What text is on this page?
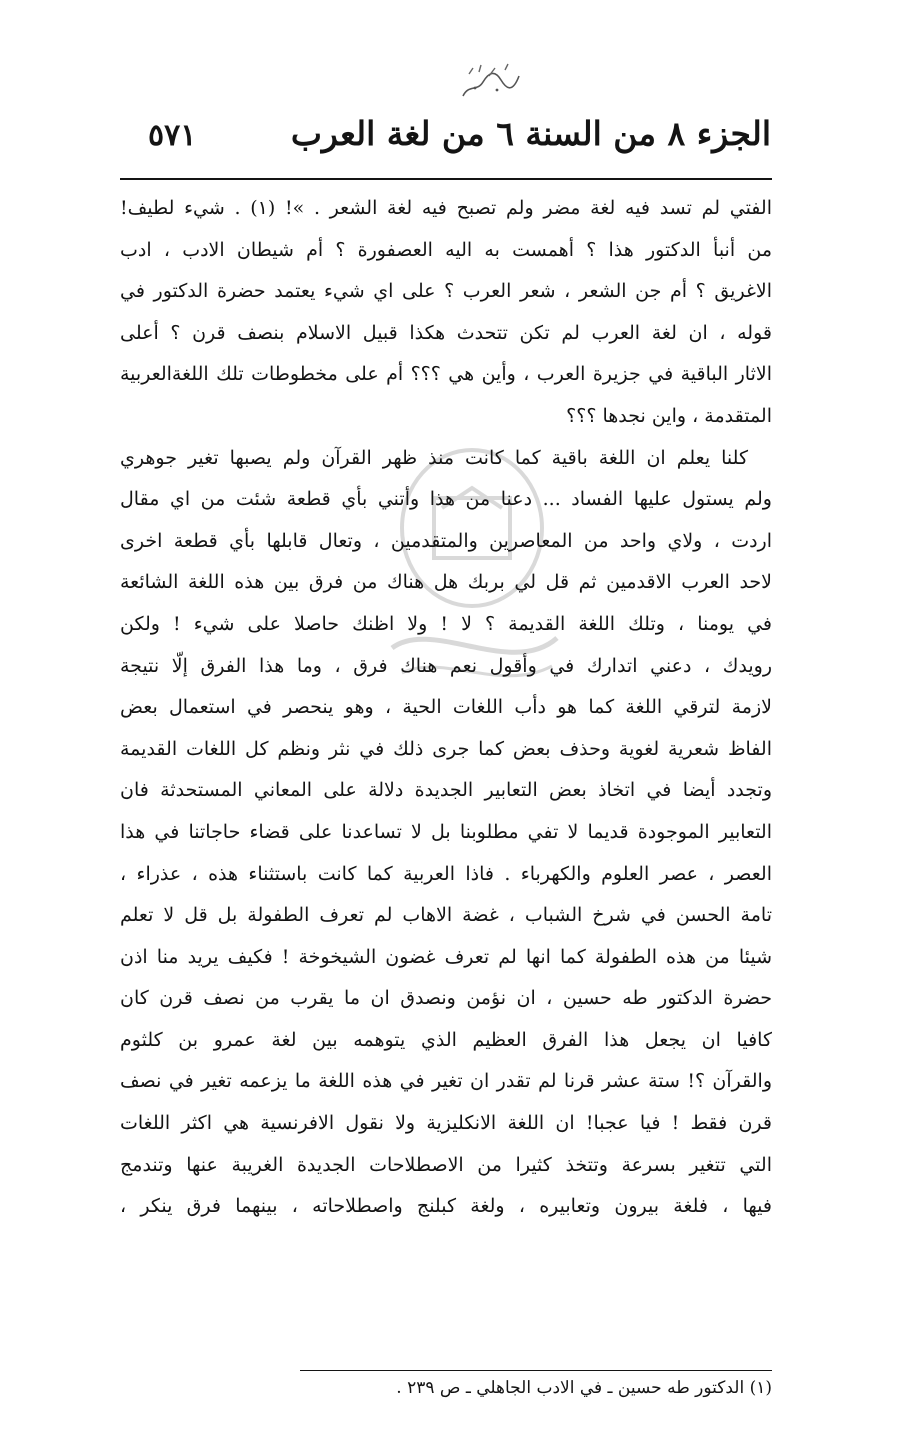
الجزء ٨ من السنة ٦ من لغة العرب
٥٧١
الفتي لم تسد فيه لغة مضر ولم تصبح فيه لغة الشعر . »! (١) . شيء لطيف!
من أنبأ الدكتور هذا ؟ أهمست به اليه العصفورة ؟ أم شيطان الادب ، ادب
الاغريق ؟ أم جن الشعر ، شعر العرب ؟ على اي شيء يعتمد حضرة الدكتور في
قوله ، ان لغة العرب لم تكن تتحدث هكذا قبيل الاسلام بنصف قرن ؟ أعلى
الاثار الباقية في جزيرة العرب ، وأين هي ؟؟؟ أم على مخطوطات تلك اللغةالعربية
المتقدمة ، واين نجدها ؟؟؟
كلنا يعلم ان اللغة باقية كما كانت منذ ظهر القرآن ولم يصبها تغير جوهري
ولم يستول عليها الفساد ... دعنا من هذا وأتني بأي قطعة شئت من اي مقال
اردت ، ولاي واحد من المعاصرين والمتقدمين ، وتعال قابلها بأي قطعة اخرى
لاحد العرب الاقدمين ثم قل لي بربك هل هناك من فرق بين هذه اللغة الشائعة
في يومنا ، وتلك اللغة القديمة ؟ لا ! ولا اظنك حاصلا على شيء ! ولكن
رويدك ، دعني اتدارك في وأقول نعم هناك فرق ، وما هذا الفرق إلّا نتيجة
لازمة لترقي اللغة كما هو دأب اللغات الحية ، وهو ينحصر في استعمال بعض
الفاظ شعرية لغوية وحذف بعض كما جرى ذلك في نثر ونظم كل اللغات القديمة
وتجدد أيضا في اتخاذ بعض التعابير الجديدة دلالة على المعاني المستحدثة فان
التعابير الموجودة قديما لا تفي مطلوبنا بل لا تساعدنا على قضاء حاجاتنا في هذا
العصر ، عصر العلوم والكهرباء . فاذا العربية كما كانت باستثناء هذه ، عذراء ،
تامة الحسن في شرخ الشباب ، غضة الاهاب لم تعرف الطفولة بل قل لا تعلم
شيئا من هذه الطفولة كما انها لم تعرف غضون الشيخوخة ! فكيف يريد منا اذن
حضرة الدكتور طه حسين ، ان نؤمن ونصدق ان ما يقرب من نصف قرن كان
كافيا ان يجعل هذا الفرق العظيم الذي يتوهمه بين لغة عمرو بن كلثوم
والقرآن ؟! ستة عشر قرنا لم تقدر ان تغير في هذه اللغة ما يزعمه تغير في نصف
قرن فقط ! فيا عجبا! ان اللغة الانكليزية ولا نقول الافرنسية هي اكثر اللغات
التي تتغير بسرعة وتتخذ كثيرا من الاصطلاحات الجديدة الغريبة عنها وتندمج
فيها ، فلغة بيرون وتعابيره ، ولغة كبلنج واصطلاحاته ، بينهما فرق ينكر ،
(١) الدكتور طه حسين ـ في الادب الجاهلي ـ ص ٢٣٩ .
